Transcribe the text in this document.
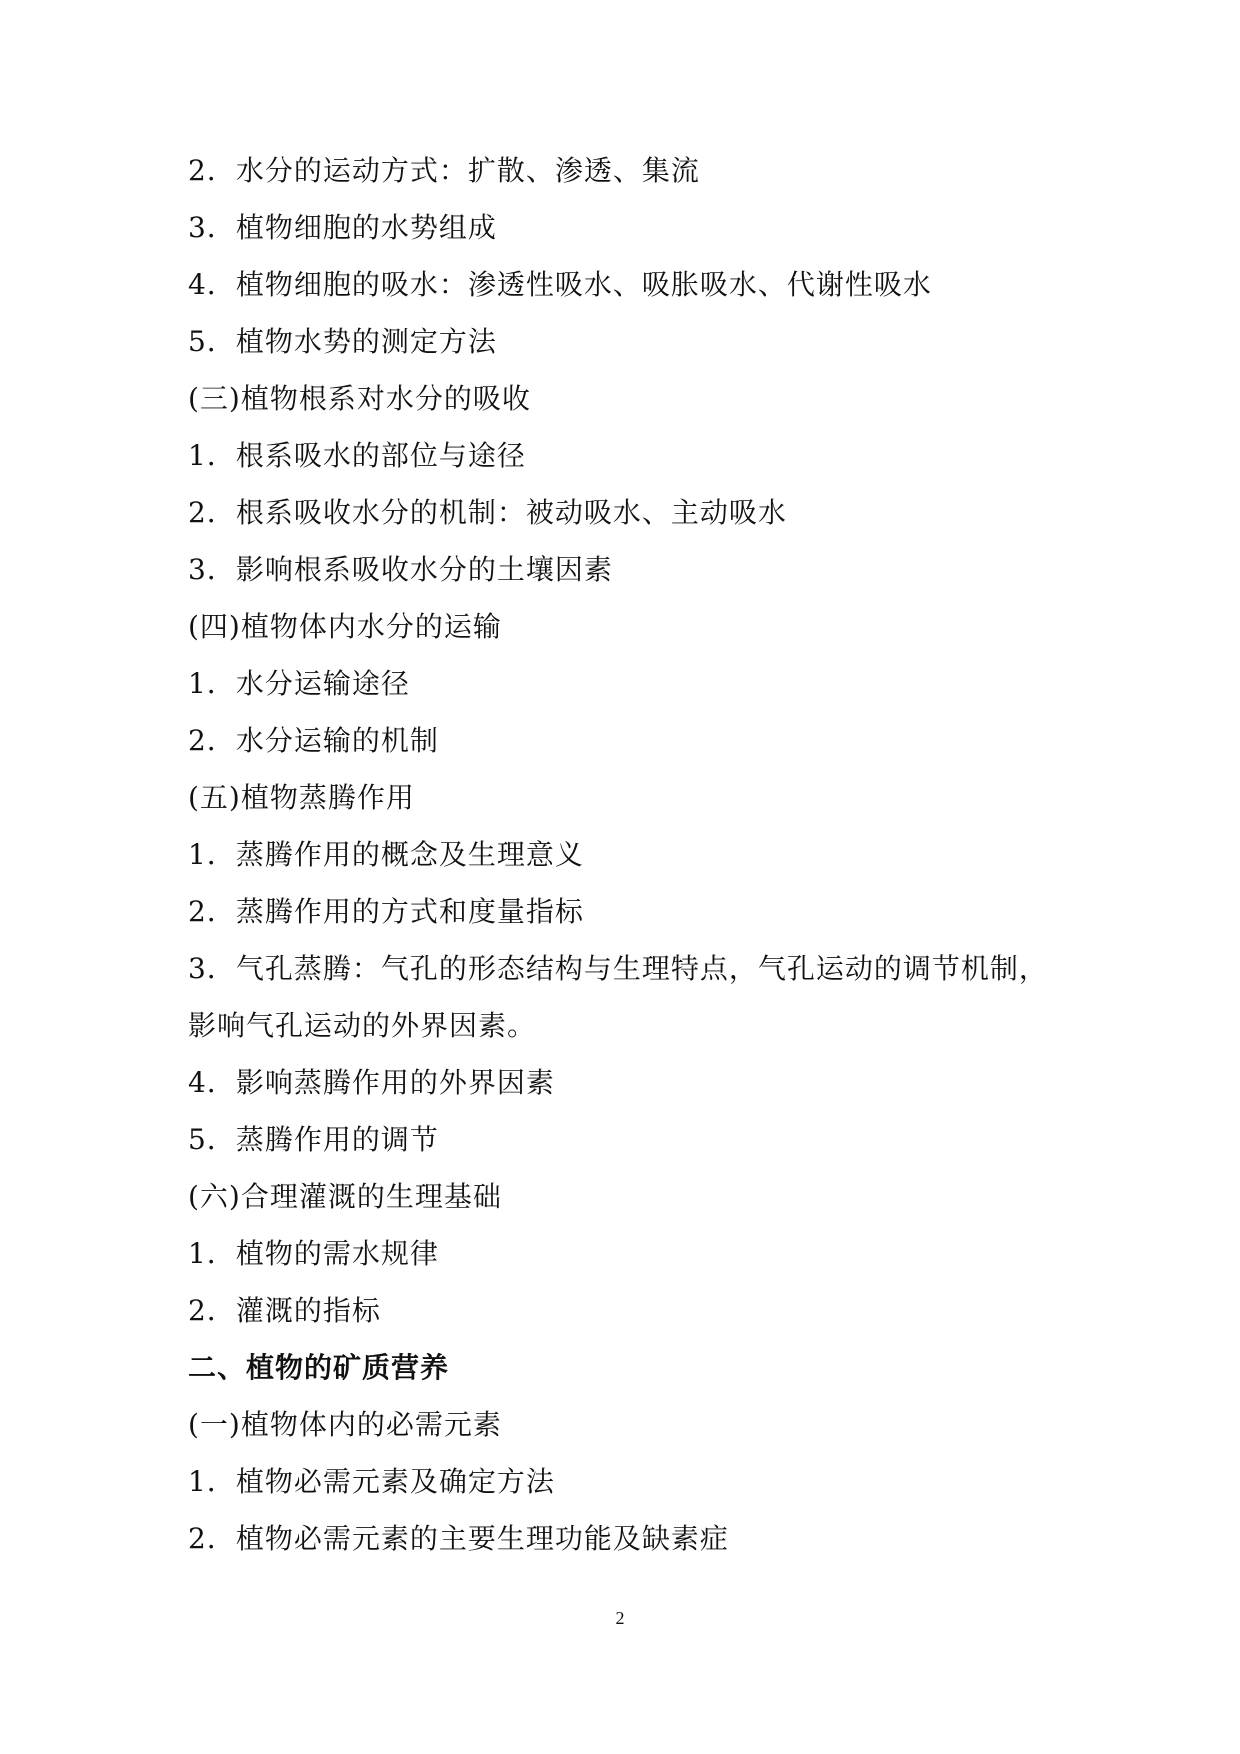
2．水分的运动方式：扩散、渗透、集流
3．植物细胞的水势组成
4．植物细胞的吸水：渗透性吸水、吸胀吸水、代谢性吸水
5．植物水势的测定方法
(三)植物根系对水分的吸收
1．根系吸水的部位与途径
2．根系吸收水分的机制：被动吸水、主动吸水
3．影响根系吸收水分的土壤因素
(四)植物体内水分的运输
1．水分运输途径
2．水分运输的机制
(五)植物蒸腾作用
1．蒸腾作用的概念及生理意义
2．蒸腾作用的方式和度量指标
3．气孔蒸腾：气孔的形态结构与生理特点，气孔运动的调节机制，
影响气孔运动的外界因素。
4．影响蒸腾作用的外界因素
5．蒸腾作用的调节
(六)合理灌溉的生理基础
1．植物的需水规律
2．灌溉的指标
二、植物的矿质营养
(一)植物体内的必需元素
1．植物必需元素及确定方法
2．植物必需元素的主要生理功能及缺素症
2
